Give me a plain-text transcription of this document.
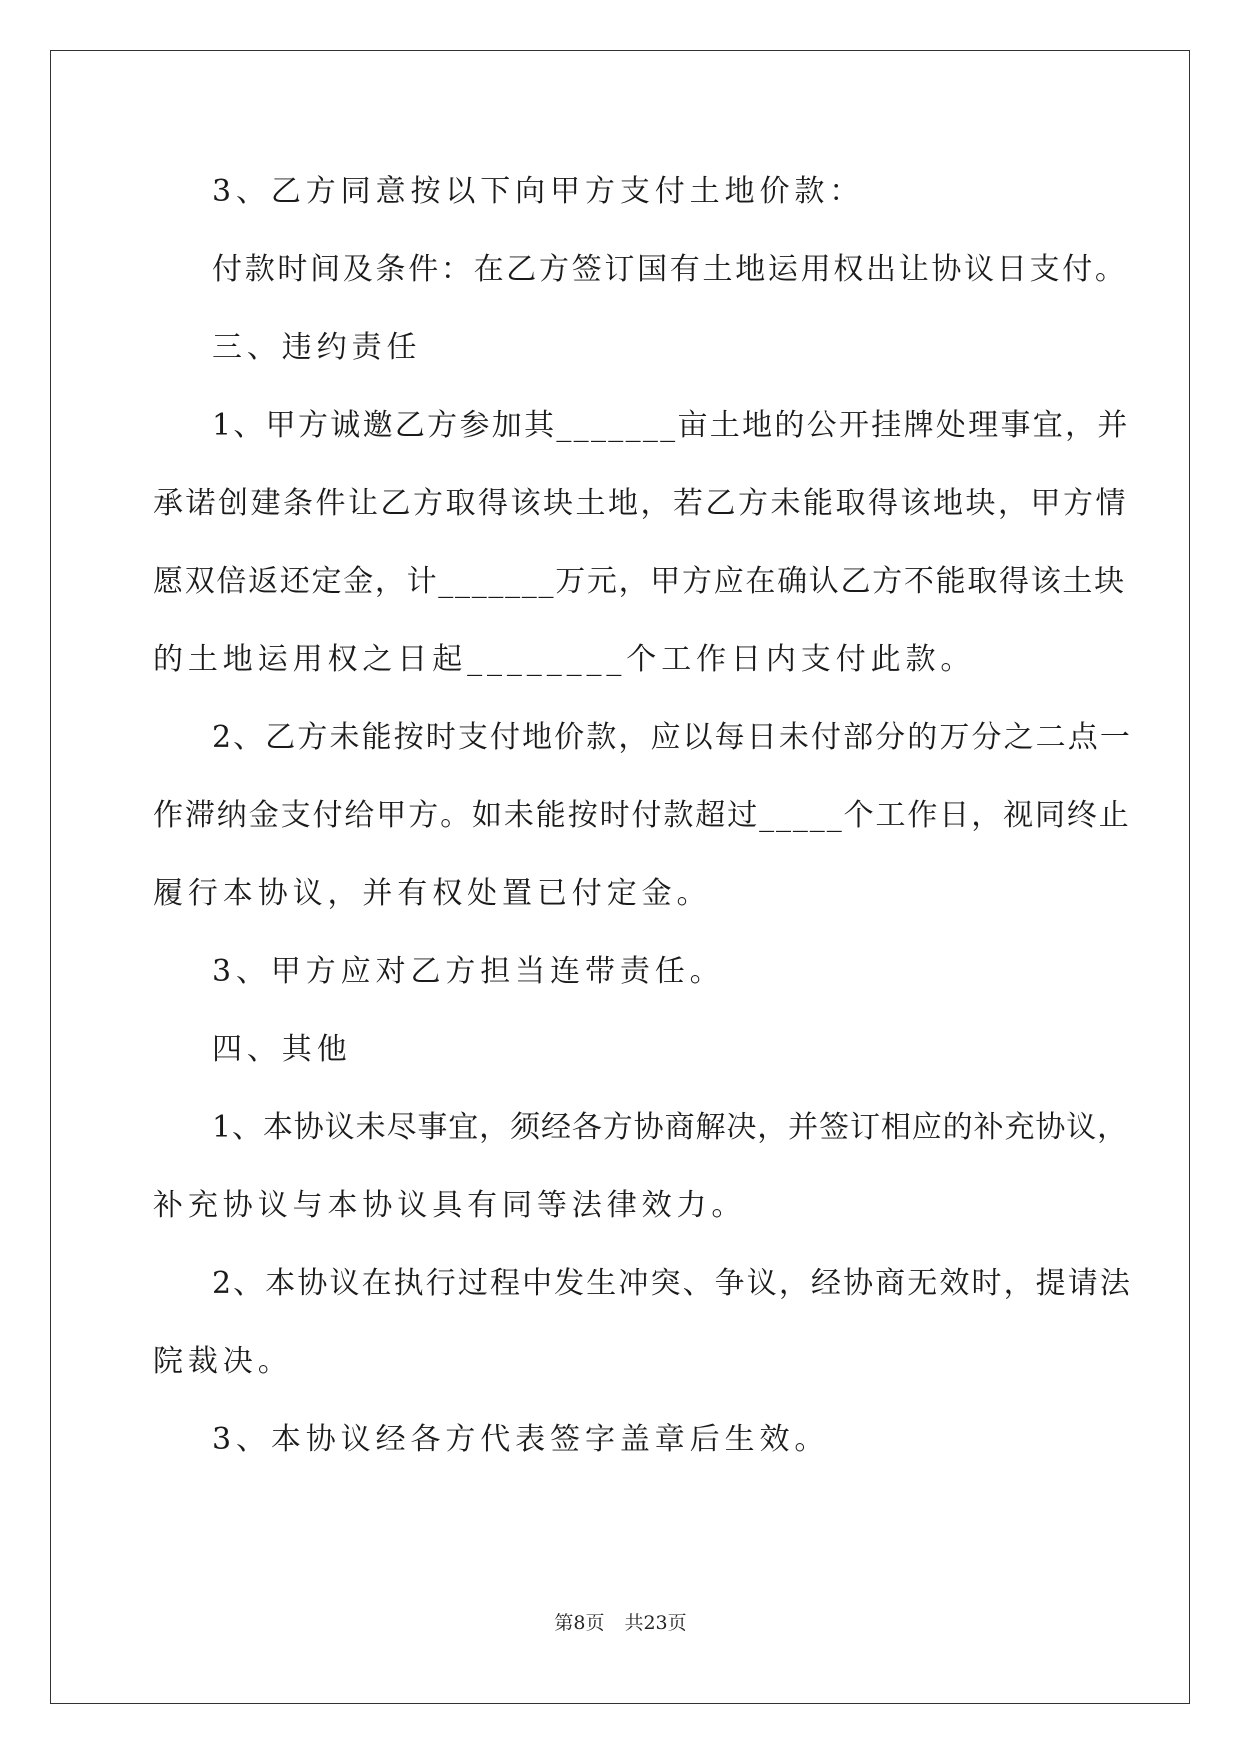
3、乙方同意按以下向甲方支付土地价款：
付款时间及条件：在乙方签订国有土地运用权出让协议日支付。
三、违约责任
1、甲方诚邀乙方参加其_______亩土地的公开挂牌处理事宜，并
承诺创建条件让乙方取得该块土地，若乙方未能取得该地块，甲方情
愿双倍返还定金，计_______万元，甲方应在确认乙方不能取得该土块
的土地运用权之日起________个工作日内支付此款。
2、乙方未能按时支付地价款，应以每日未付部分的万分之二点一
作滞纳金支付给甲方。如未能按时付款超过_____个工作日，视同终止
履行本协议，并有权处置已付定金。
3、甲方应对乙方担当连带责任。
四、其他
1、本协议未尽事宜，须经各方协商解决，并签订相应的补充协议，
补充协议与本协议具有同等法律效力。
2、本协议在执行过程中发生冲突、争议，经协商无效时，提请法
院裁决。
3、本协议经各方代表签字盖章后生效。
第8页 共23页
